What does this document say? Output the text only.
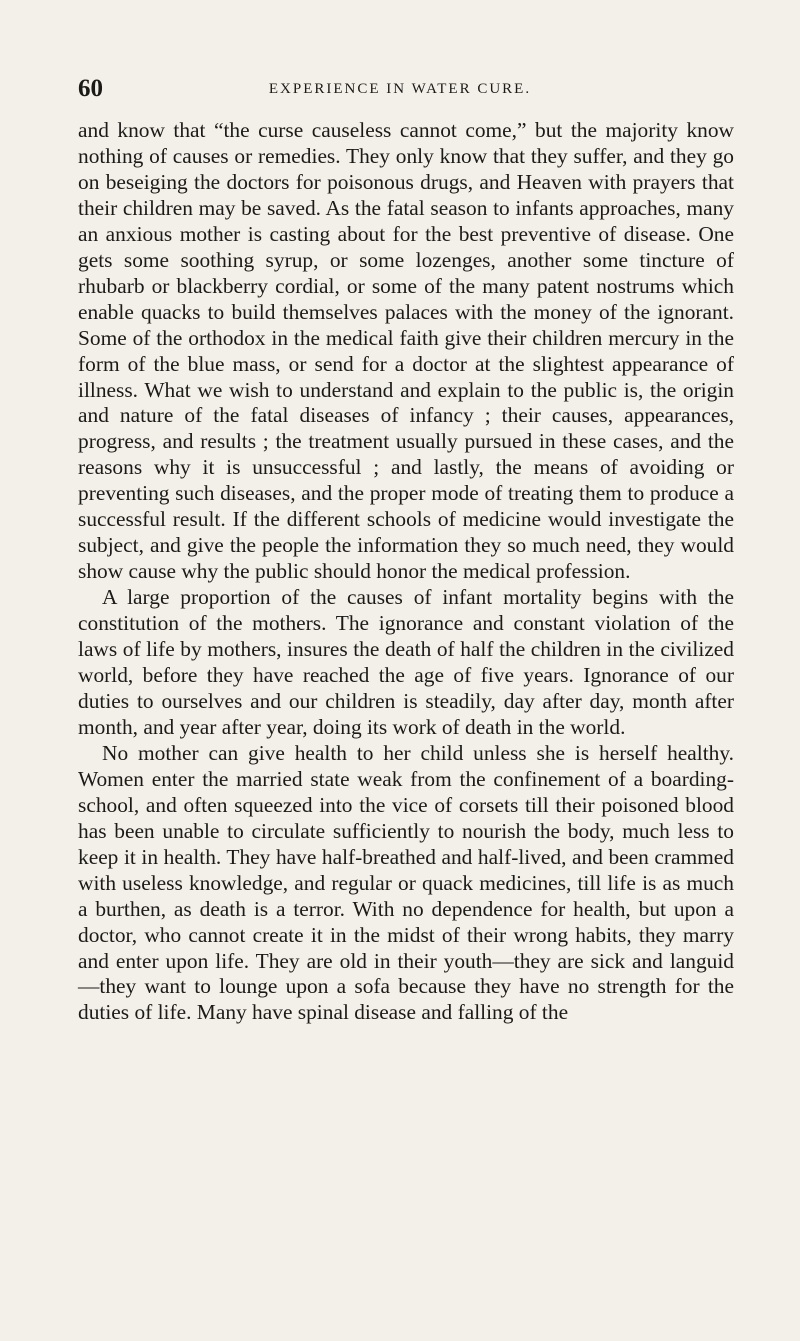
60	EXPERIENCE IN WATER CURE.

and know that “the curse causeless cannot come,” but the majority know nothing of causes or remedies. They only know that they suffer, and they go on beseiging the doctors for poisonous drugs, and Heaven with prayers that their children may be saved. As the fatal season to infants approaches, many an anxious mother is casting about for the best preventive of disease. One gets some soothing syrup, or some lozenges, another some tincture of rhubarb or blackberry cordial, or some of the many patent nostrums which enable quacks to build themselves palaces with the money of the ignorant. Some of the orthodox in the medical faith give their children mercury in the form of the blue mass, or send for a doctor at the slightest appearance of illness. What we wish to understand and explain to the public is, the origin and nature of the fatal diseases of infancy ; their causes, appearances, progress, and results ; the treatment usually pursued in these cases, and the reasons why it is unsuccessful ; and lastly, the means of avoiding or preventing such diseases, and the proper mode of treating them to produce a successful result. If the different schools of medicine would investigate the subject, and give the people the information they so much need, they would show cause why the public should honor the medical profession.

A large proportion of the causes of infant mortality begins with the constitution of the mothers. The ignorance and constant violation of the laws of life by mothers, insures the death of half the children in the civilized world, before they have reached the age of five years. Ignorance of our duties to ourselves and our children is steadily, day after day, month after month, and year after year, doing its work of death in the world.

No mother can give health to her child unless she is herself healthy. Women enter the married state weak from the confinement of a boarding-school, and often squeezed into the vice of corsets till their poisoned blood has been unable to circulate sufficiently to nourish the body, much less to keep it in health. They have half-breathed and half-lived, and been crammed with useless knowledge, and regular or quack medicines, till life is as much a burthen, as death is a terror. With no dependence for health, but upon a doctor, who cannot create it in the midst of their wrong habits, they marry and enter upon life. They are old in their youth—they are sick and languid—they want to lounge upon a sofa because they have no strength for the duties of life. Many have spinal disease and falling of the
